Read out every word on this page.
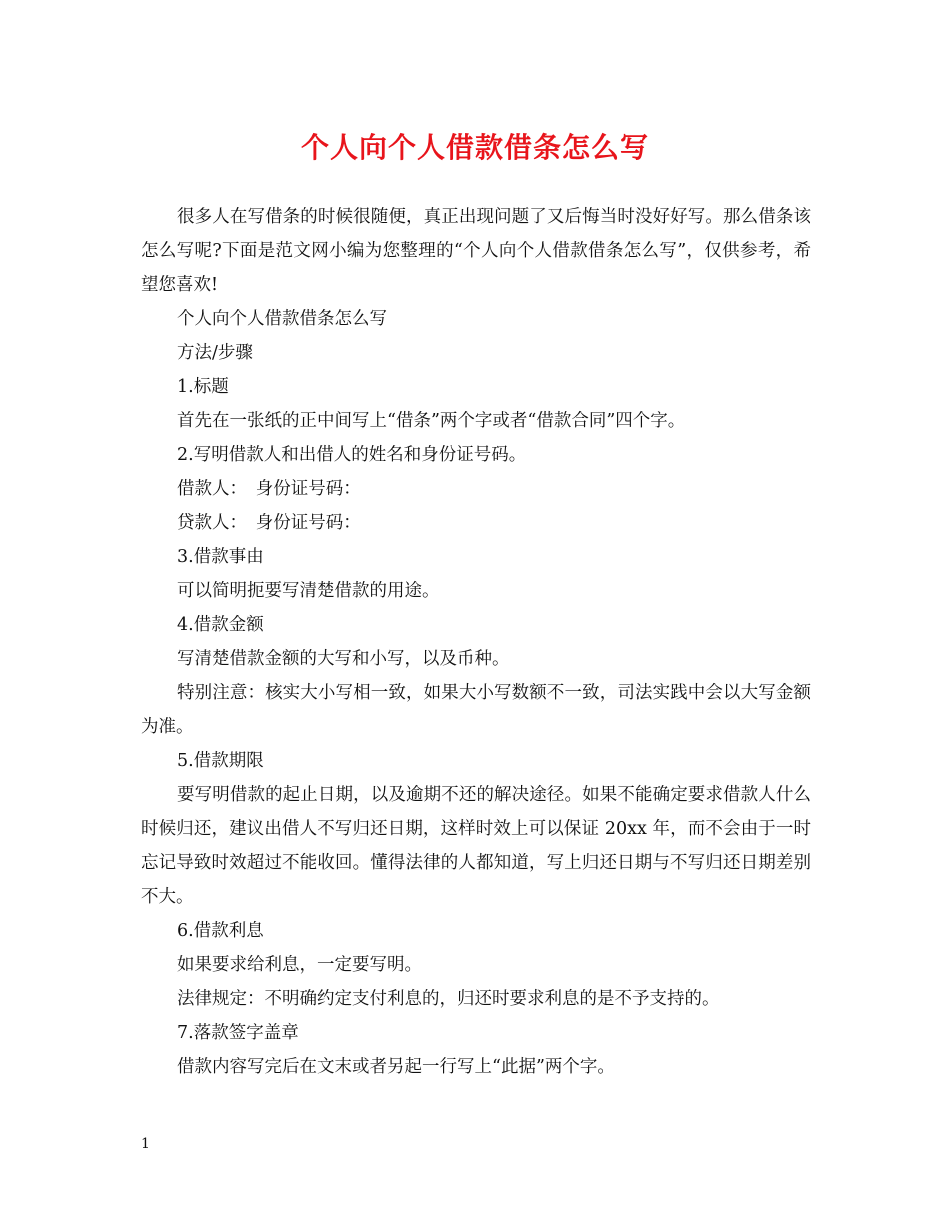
个人向个人借款借条怎么写

很多人在写借条的时候很随便，真正出现问题了又后悔当时没好好写。那么借条该怎么写呢?下面是范文网小编为您整理的“个人向个人借款借条怎么写”，仅供参考，希望您喜欢!

个人向个人借款借条怎么写

方法/步骤

1.标题

首先在一张纸的正中间写上“借条”两个字或者“借款合同”四个字。

2.写明借款人和出借人的姓名和身份证号码。

借款人：　身份证号码：

贷款人：　身份证号码：

3.借款事由

可以简明扼要写清楚借款的用途。

4.借款金额

写清楚借款金额的大写和小写，以及币种。

特别注意：核实大小写相一致，如果大小写数额不一致，司法实践中会以大写金额为准。

5.借款期限

要写明借款的起止日期，以及逾期不还的解决途径。如果不能确定要求借款人什么时候归还，建议出借人不写归还日期，这样时效上可以保证 20xx 年，而不会由于一时忘记导致时效超过不能收回。懂得法律的人都知道，写上归还日期与不写归还日期差别不大。

6.借款利息

如果要求给利息，一定要写明。

法律规定：不明确约定支付利息的，归还时要求利息的是不予支持的。

7.落款签字盖章

借款内容写完后在文末或者另起一行写上“此据”两个字。

1
